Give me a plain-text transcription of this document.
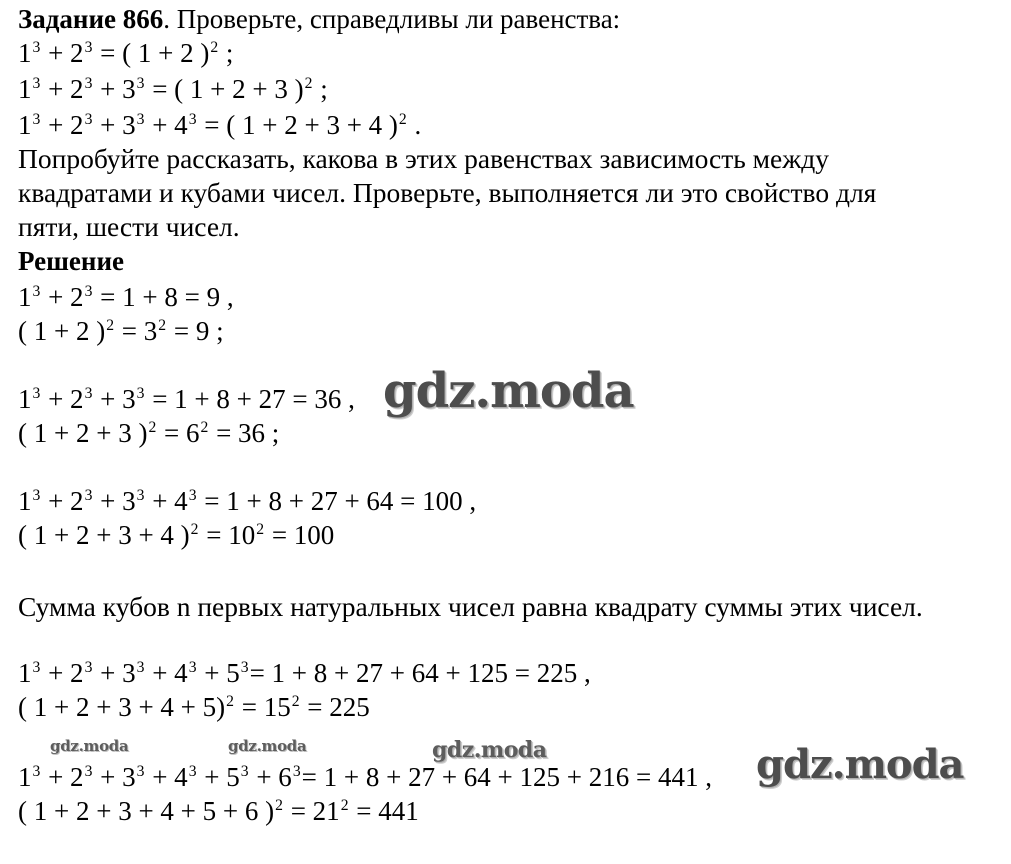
Задание 866. Проверьте, справедливы ли равенства:
$1^3 + 2^3$ = ( 1 + 2 )$^2$ ;
$1^3 + 2^3 + 3^3$ = ( 1 + 2 + 3 )$^2$ ;
$1^3 + 2^3 + 3^3 + 4^3$ = ( 1 + 2 + 3 + 4 )$^2$ .
Попробуйте рассказать, какова в этих равенствах зависимость между
квадратами и кубами чисел. Проверьте, выполняется ли это свойство для
пяти, шести чисел.
Решение
$1^3 + 2^3 = 1 + 8 = 9$ ,
( 1 + 2 )$^2 = 3^2 = 9$ ;
$1^3 + 2^3 + 3^3 = 1 + 8 + 27 = 36$ ,
( 1 + 2 + 3 )$^2 = 6^2 = 36$ ;
$1^3 + 2^3 + 3^3 + 4^3 = 1 + 8 + 27 + 64 = 100$ ,
( 1 + 2 + 3 + 4 )$^2 = 10^2 = 100$
Сумма кубов n первых натуральных чисел равна квадрату суммы этих чисел.
$1^3 + 2^3 + 3^3 + 4^3 + 5^3= 1 + 8 + 27 + 64 + 125 = 225$ ,
( $1 + 2 + 3 + 4 + 5)^2 = 15^2 = 225$
$1^3 + 2^3 + 3^3 + 4^3 + 5^3 + 6^3= 1 + 8 + 27 + 64 + 125 + 216 = 441$ ,
( 1 + 2 + 3 + 4 + 5 + 6 )$^2 = 21^2 = 441$
gdz.moda
gdz.moda
gdz.moda
gdz.moda	gdz.moda
